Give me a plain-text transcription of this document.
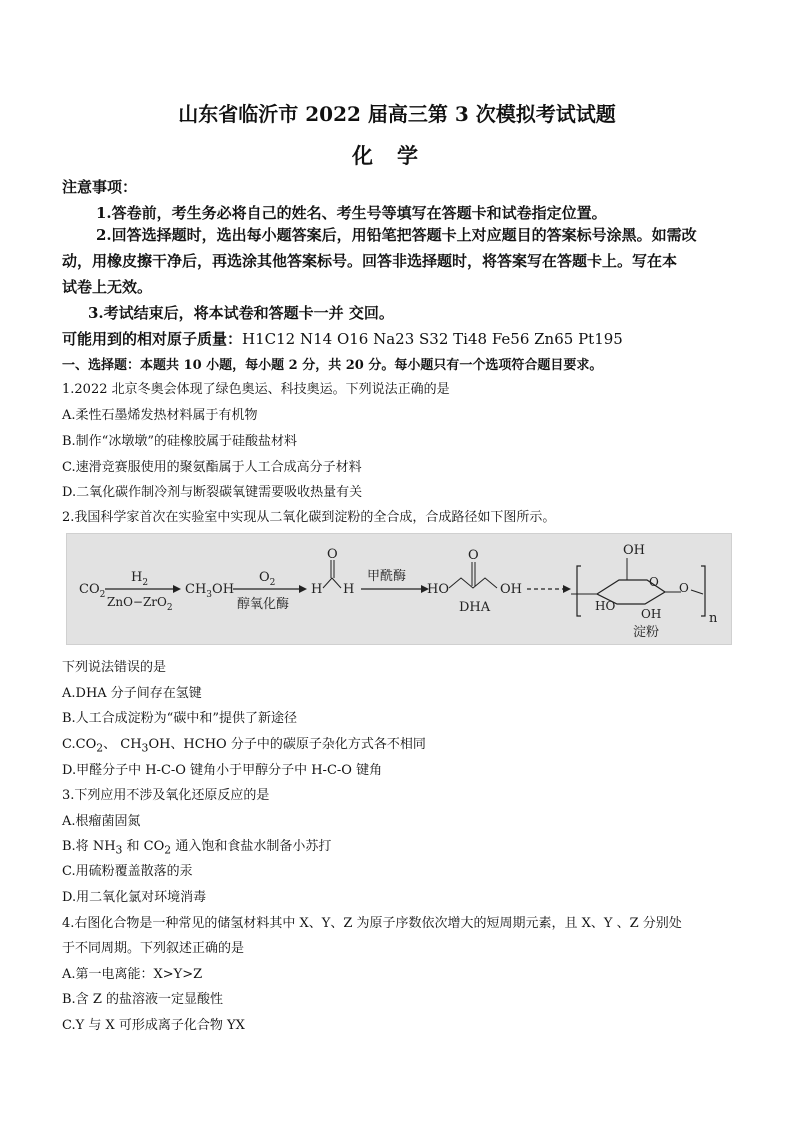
山东省临沂市 2022 届高三第 3 次模拟考试试题
化学
注意事项：
1.答卷前，考生务必将自己的姓名、考生号等填写在答题卡和试卷指定位置。
2.回答选择题时，选出每小题答案后，用铅笔把答题卡上对应题目的答案标号涂黑。如需改
动，用橡皮擦干净后，再选涂其他答案标号。回答非选择题时，将答案写在答题卡上。写在本
试卷上无效。
3.考试结束后，将本试卷和答题卡一并 交回。
可能用到的相对原子质量：H1C12 N14 O16 Na23 S32 Ti48 Fe56 Zn65 Pt195
一、选择题：本题共 10 小题，每小题 2 分，共 20 分。每小题只有一个选项符合题目要求。
1.2022 北京冬奥会体现了绿色奥运、科技奥运。下列说法正确的是
A.柔性石墨烯发热材料属于有机物
B.制作“冰墩墩”的硅橡胶属于硅酸盐材料
C.速滑竞赛服使用的聚氨酯属于人工合成高分子材料
D.二氧化碳作制冷剂与断裂碳氧键需要吸收热量有关
2.我国科学家首次在实验室中实现从二氧化碳到淀粉的全合成，合成路径如下图所示。
$CO_2$
$H_2$
ZnO−ZrO$_2$
$CH_3OH$
$O_2$
醇氧化酶
H
O
H
甲酰酶
HO
O
OH
DHA
OH
O
HO
OH
O
n
淀粉
下列说法错误的是
A.DHA 分子间存在氢键
B.人工合成淀粉为“碳中和”提供了新途径
$C.CO_2$、 $CH_3OH$、HCHO 分子中的碳原子杂化方式各不相同
D.甲醛分子中 H-C-O 键角小于甲醇分子中 H-C-O 键角
3.下列应用不涉及氧化还原反应的是
A.根瘤菌固氮
B.将 $NH_3$ 和 $CO_2$ 通入饱和食盐水制备小苏打
C.用硫粉覆盖散落的汞
D.用二氧化氯对环境消毒
4.右图化合物是一种常见的储氢材料其中 X、Y、Z 为原子序数依次增大的短周期元素，且 X、Y 、Z 分别处
于不同周期。下列叙述正确的是
A.第一电离能：X>Y>Z
B.含 Z 的盐溶液一定显酸性
C.Y 与 X 可形成离子化合物 YX
